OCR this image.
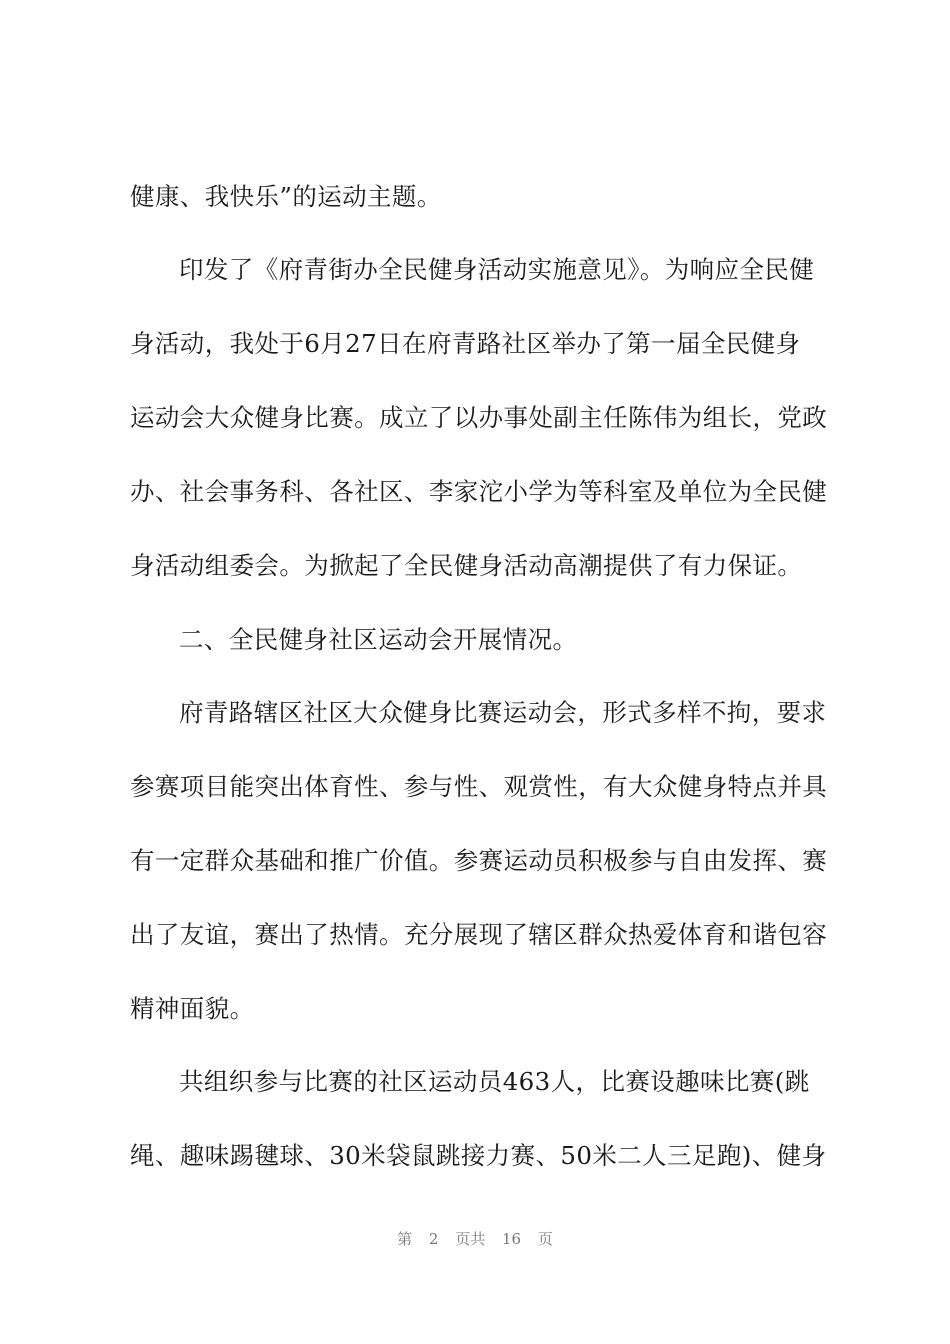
健康、我快乐”的运动主题。
印发了《府青街办全民健身活动实施意见》。为响应全民健
身活动，我处于6月27日在府青路社区举办了第一届全民健身
运动会大众健身比赛。成立了以办事处副主任陈伟为组长，党政
办、社会事务科、各社区、李家沱小学为等科室及单位为全民健
身活动组委会。为掀起了全民健身活动高潮提供了有力保证。
二、全民健身社区运动会开展情况。
府青路辖区社区大众健身比赛运动会，形式多样不拘，要求
参赛项目能突出体育性、参与性、观赏性，有大众健身特点并具
有一定群众基础和推广价值。参赛运动员积极参与自由发挥、赛
出了友谊，赛出了热情。充分展现了辖区群众热爱体育和谐包容
精神面貌。
共组织参与比赛的社区运动员463人，比赛设趣味比赛(跳
绳、趣味踢毽球、30米袋鼠跳接力赛、50米二人三足跑)、健身
第 2 页共 16 页
